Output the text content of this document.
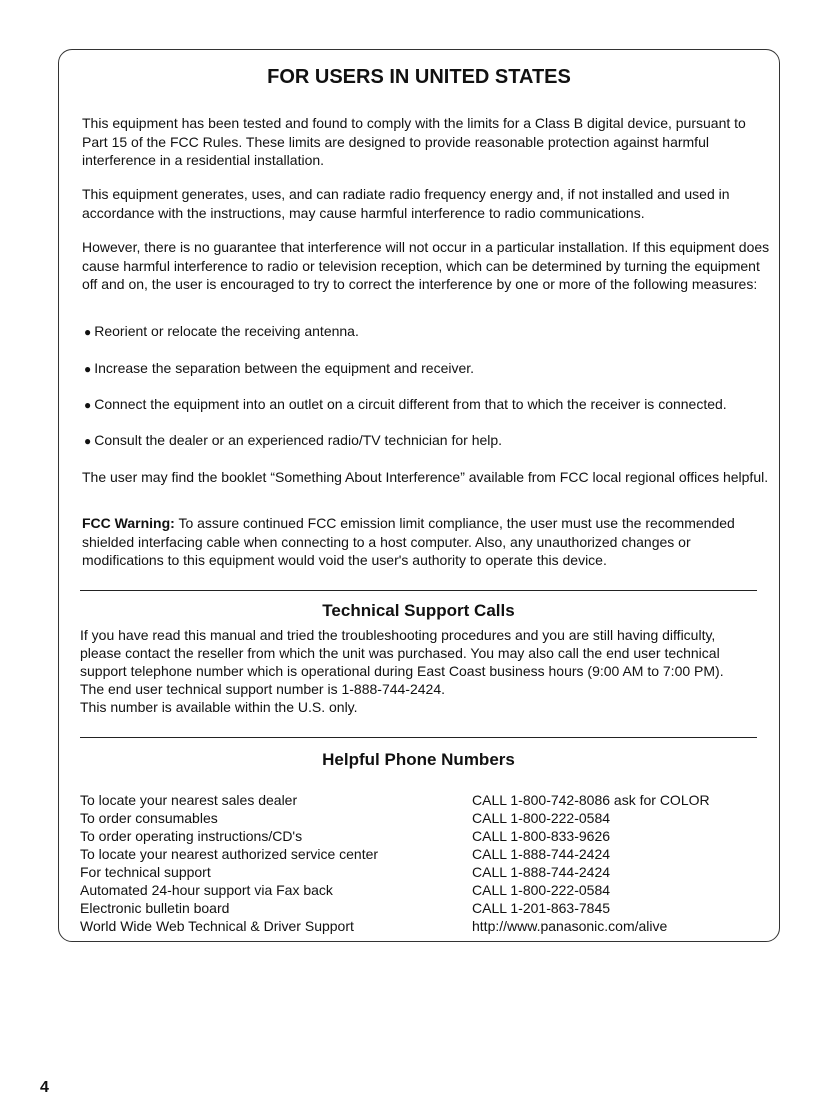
FOR USERS IN UNITED STATES

This equipment has been tested and found to comply with the limits for a Class B digital device, pursuant to Part 15 of the FCC Rules. These limits are designed to provide reasonable protection against harmful interference in a residential installation.

This equipment generates, uses, and can radiate radio frequency energy and, if not installed and used in accordance with the instructions, may cause harmful interference to radio communications.

However, there is no guarantee that interference will not occur in a particular installation. If this equipment does cause harmful interference to radio or television reception, which can be determined by turning the equipment off and on, the user is encouraged to try to correct the interference by one or more of the following measures:

● Reorient or relocate the receiving antenna.
● Increase the separation between the equipment and receiver.
● Connect the equipment into an outlet on a circuit different from that to which the receiver is connected.
● Consult the dealer or an experienced radio/TV technician for help.

The user may find the booklet “Something About Interference” available from FCC local regional offices helpful.

FCC Warning: To assure continued FCC emission limit compliance, the user must use the recommended shielded interfacing cable when connecting to a host computer. Also, any unauthorized changes or modifications to this equipment would void the user's authority to operate this device.

Technical Support Calls
If you have read this manual and tried the troubleshooting procedures and you are still having difficulty,
please contact the reseller from which the unit was purchased. You may also call the end user technical
support telephone number which is operational during East Coast business hours (9:00 AM to 7:00 PM).
The end user technical support number is 1-888-744-2424.
This number is available within the U.S. only.
Helpful Phone Numbers
To locate your nearest sales dealer	CALL 1-800-742-8086 ask for COLOR
To order consumables	CALL 1-800-222-0584
To order operating instructions/CD's	CALL 1-800-833-9626
To locate your nearest authorized service center	CALL 1-888-744-2424
For technical support	CALL 1-888-744-2424
Automated 24-hour support via Fax back	CALL 1-800-222-0584
Electronic bulletin board	CALL 1-201-863-7845
World Wide Web Technical & Driver Support	http://www.panasonic.com/alive
4
